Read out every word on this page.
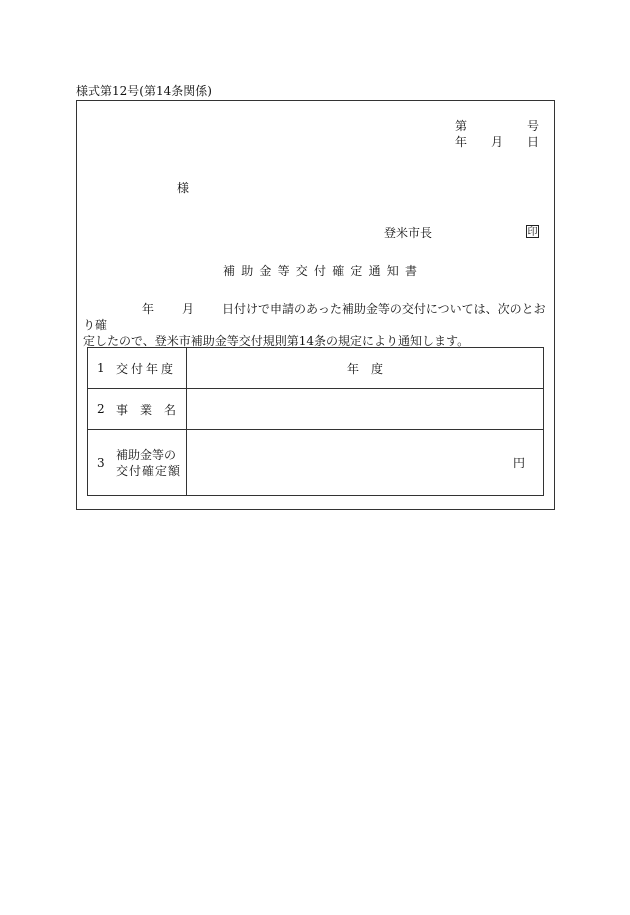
様式第12号(第14条関係)
第	号
年 月 日
様
登米市長	印
補助金等交付確定通知書
年 月 日付けで申請のあった補助金等の交付については、次のとおり確
定したので、登米市補助金等交付規則第14条の規定により通知します。
1 交付年度	年　度

2 事　業　名	

3
補助金等の
交付確定額	円
